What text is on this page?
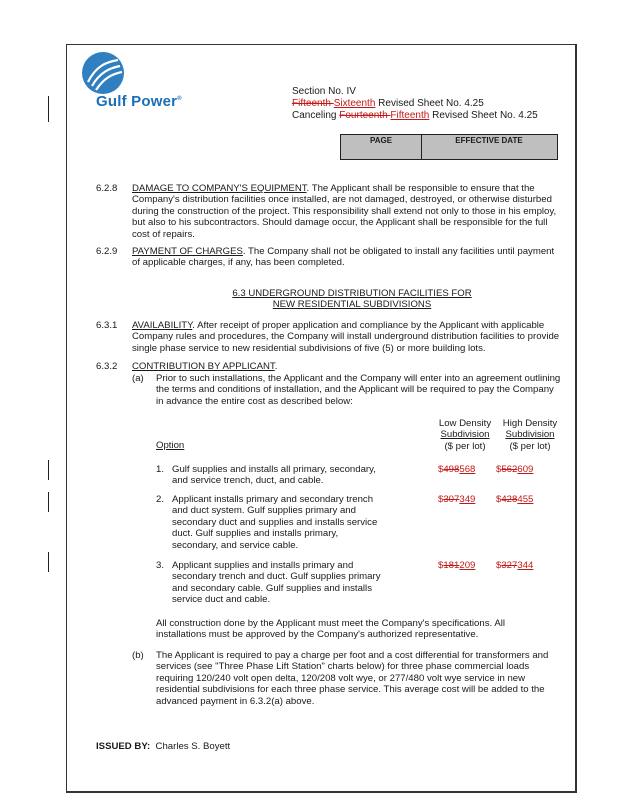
Gulf Power®
Section No. IV
Fifteenth Sixteenth Revised Sheet No. 4.25
Canceling Fourteenth Fifteenth Revised Sheet No. 4.25
PAGE	EFFECTIVE DATE
6.2.8 DAMAGE TO COMPANY'S EQUIPMENT. The Applicant shall be responsible to ensure that the
Company's distribution facilities once installed, are not damaged, destroyed, or otherwise disturbed
during the construction of the project. This responsibility shall extend not only to those in his employ,
but also to his subcontractors. Should damage occur, the Applicant shall be responsible for the full
cost of repairs.
6.2.9 PAYMENT OF CHARGES. The Company shall not be obligated to install any facilities until payment
of applicable charges, if any, has been completed.
6.3 UNDERGROUND DISTRIBUTION FACILITIES FOR
NEW RESIDENTIAL SUBDIVISIONS
6.3.1 AVAILABILITY. After receipt of proper application and compliance by the Applicant with applicable
Company rules and procedures, the Company will install underground distribution facilities to provide
single phase service to new residential subdivisions of five (5) or more building lots.
6.3.2 CONTRIBUTION BY APPLICANT.
(a) Prior to such installations, the Applicant and the Company will enter into an agreement outlining
the terms and conditions of installation, and the Applicant will be required to pay the Company
in advance the entire cost as described below:
Option
Low Density
Subdivision
($ per lot)
High Density
Subdivision
($ per lot)
1. Gulf supplies and installs all primary, secondary,
and service trench, duct, and cable.
$498568 $562609
2. Applicant installs primary and secondary trench
and duct system. Gulf supplies primary and
secondary duct and supplies and installs service
duct. Gulf supplies and installs primary,
secondary, and service cable.
$307349 $428455
3. Applicant supplies and installs primary and
secondary trench and duct. Gulf supplies primary
and secondary cable. Gulf supplies and installs
service duct and cable.
$181209 $327344
All construction done by the Applicant must meet the Company's specifications. All
installations must be approved by the Company's authorized representative.
(b) The Applicant is required to pay a charge per foot and a cost differential for transformers and
services (see "Three Phase Lift Station" charts below) for three phase commercial loads
requiring 120/240 volt open delta, 120/208 volt wye, or 277/480 volt wye service in new
residential subdivisions for each three phase service. This average cost will be added to the
advanced payment in 6.3.2(a) above.
ISSUED BY: Charles S. Boyett
